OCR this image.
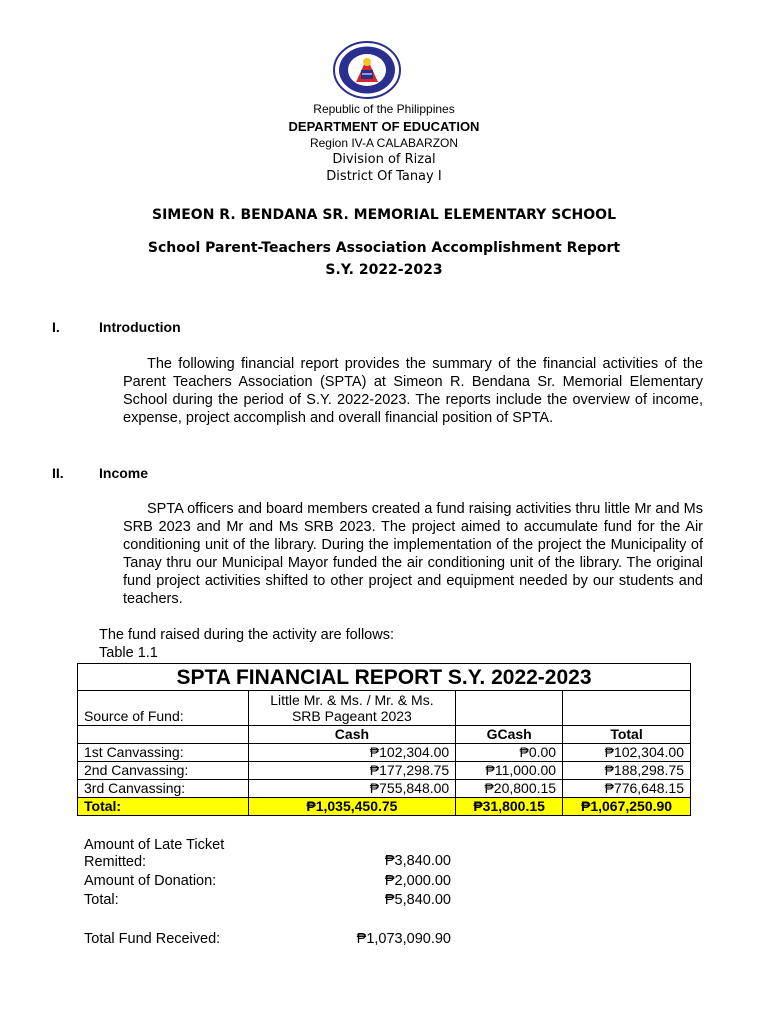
Republic of the Philippines
DEPARTMENT OF EDUCATION
Region IV-A CALABARZON
Division of Rizal
District Of Tanay I
SIMEON R. BENDANA SR. MEMORIAL ELEMENTARY SCHOOL
School Parent-Teachers Association Accomplishment Report
S.Y. 2022-2023
I.	Introduction
The following financial report provides the summary of the financial activities of the Parent Teachers Association (SPTA) at Simeon R. Bendana Sr. Memorial Elementary School during the period of S.Y. 2022-2023. The reports include the overview of income, expense, project accomplish and overall financial position of SPTA.
II.	Income
SPTA officers and board members created a fund raising activities thru little Mr and Ms SRB 2023 and Mr and Ms SRB 2023. The project aimed to accumulate fund for the Air conditioning unit of the library. During the implementation of the project the Municipality of Tanay thru our Municipal Mayor funded the air conditioning unit of the library. The original fund project activities shifted to other project and equipment needed by our students and teachers.
The fund raised during the activity are follows:
Table 1.1
SPTA FINANCIAL REPORT S.Y. 2022-2023			
Source of Fund:	Little Mr. & Ms. / Mr. & Ms. SRB Pageant 2023		
	Cash	GCash	Total
1st Canvassing:	₱102,304.00	₱0.00	₱102,304.00
2nd Canvassing:	₱177,298.75	₱11,000.00	₱188,298.75
3rd Canvassing:	₱755,848.00	₱20,800.15	₱776,648.15
Total:	₱1,035,450.75	₱31,800.15	₱1,067,250.90
Amount of Late Ticket
Remitted:	₱3,840.00
Amount of Donation:	₱2,000.00
Total:	₱5,840.00
Total Fund Received:	₱1,073,090.90
